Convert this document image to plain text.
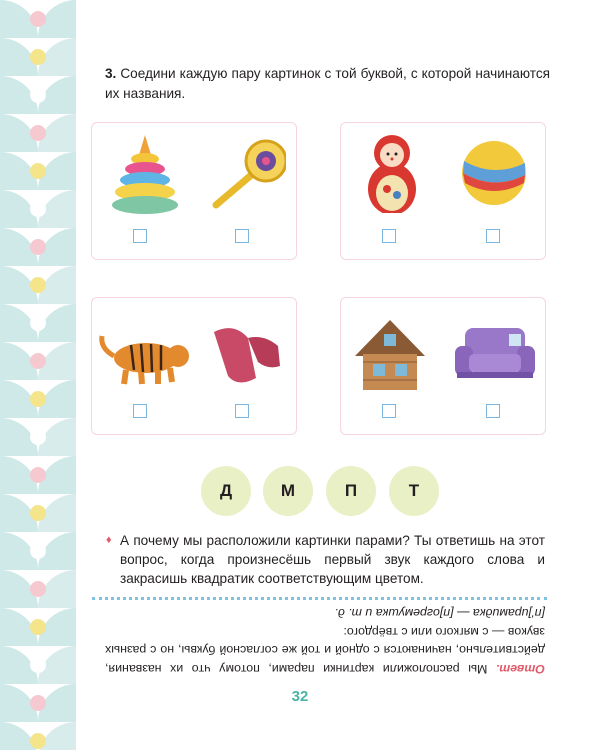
3. Соедини каждую пару картинок с той буквой, с которой начинаются их названия.
Д	М	П	Т
♦ А почему мы расположили картинки парами? Ты ответишь на этот вопрос, когда произнесёшь первый звук каждого слова и закрасишь квадратик соответствующим цветом.
Ответ. Мы расположили картинки парами, потому что их названия, действительно, начинаются с одной и той же согласной буквы, но с разных звуков — с мягкого или с твёрдого:
[п’]ирамидка — [п]огремушка и т. д.
32
